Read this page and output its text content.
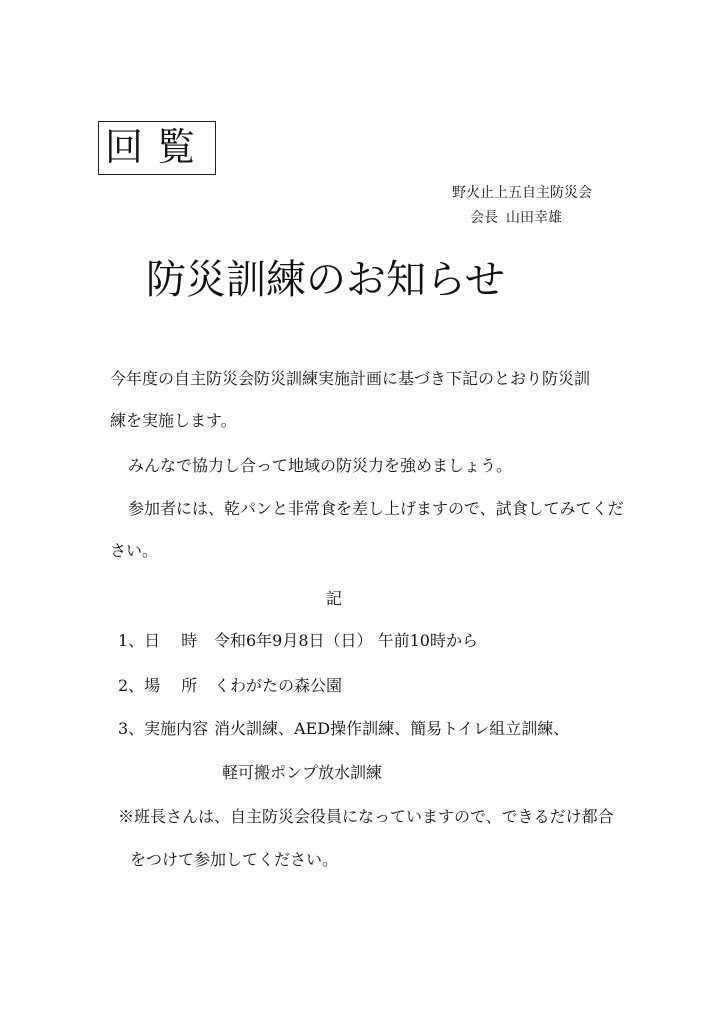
回覧
野火止上五自主防災会
会長 山田幸雄
防災訓練のお知らせ
今年度の自主防災会防災訓練実施計画に基づき下記のとおり防災訓
練を実施します。
みんなで協力し合って地域の防災力を強めましょう。
参加者には、乾パンと非常食を差し上げますので、試食してみてくだ
さい。
記
1、日　 時 令和6年9月8日（日） 午前10時から
2、場　 所 くわがたの森公園
3、実施内容 消火訓練、AED操作訓練、簡易トイレ組立訓練、
軽可搬ポンプ放水訓練
※班長さんは、自主防災会役員になっていますので、できるだけ都合
をつけて参加してください。
